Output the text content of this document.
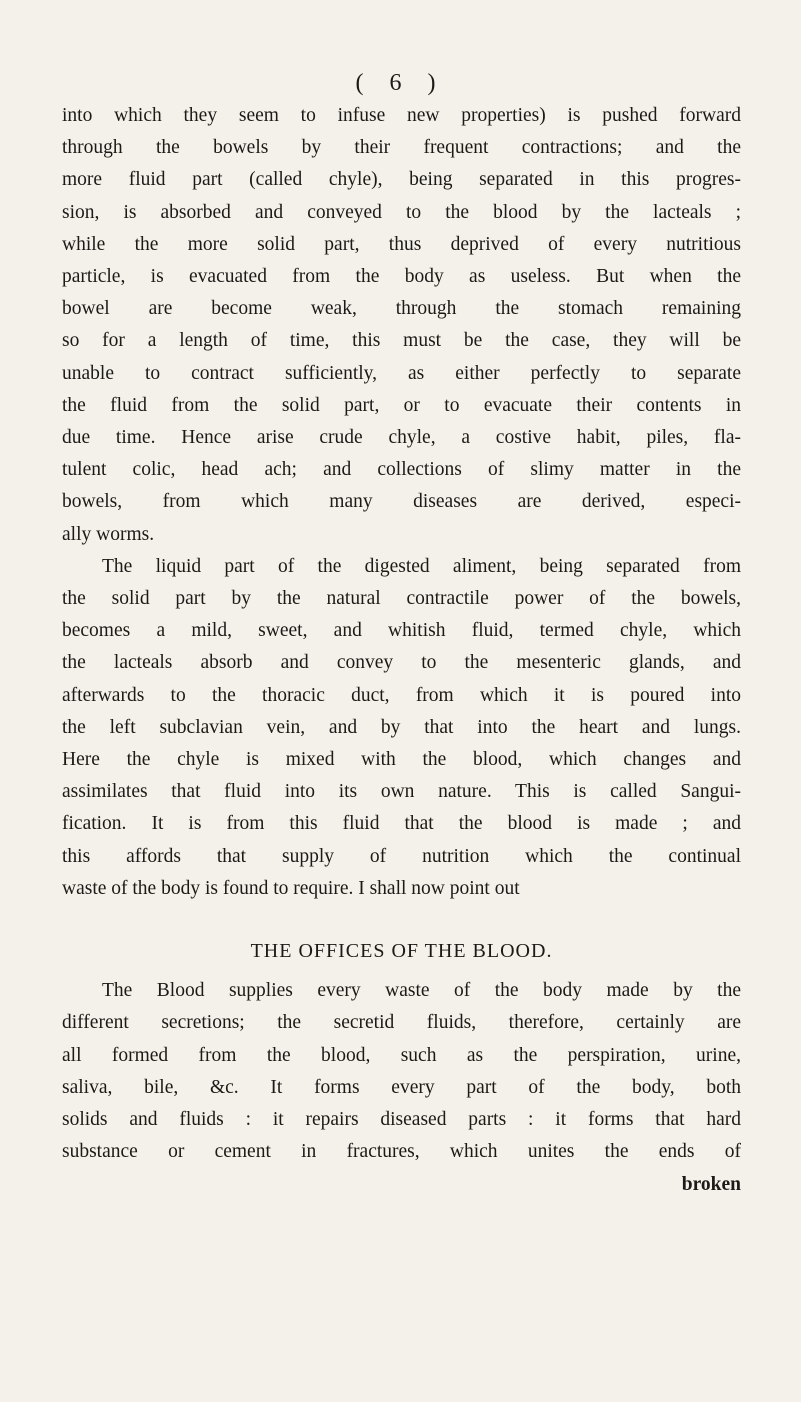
( 6 )

into which they seem to infuse new properties) is pushed forward
through the bowels by their frequent contractions; and the
more fluid part (called chyle), being separated in this progres-
sion, is absorbed and conveyed to the blood by the lacteals ;
while the more solid part, thus deprived of every nutritious
particle, is evacuated from the body as useless. But when the
bowel are become weak, through the stomach remaining
so for a length of time, this must be the case, they will be
unable to contract sufficiently, as either perfectly to separate
the fluid from the solid part, or to evacuate their contents in
due time. Hence arise crude chyle, a costive habit, piles, fla-
tulent colic, head ach; and collections of slimy matter in the
bowels, from which many diseases are derived, especi-
ally worms.

The liquid part of the digested aliment, being separated from
the solid part by the natural contractile power of the bowels,
becomes a mild, sweet, and whitish fluid, termed chyle, which
the lacteals absorb and convey to the mesenteric glands, and
afterwards to the thoracic duct, from which it is poured into
the left subclavian vein, and by that into the heart and lungs.
Here the chyle is mixed with the blood, which changes and
assimilates that fluid into its own nature. This is called Sangui-
fication. It is from this fluid that the blood is made ; and
this affords that supply of nutrition which the continual
waste of the body is found to require. I shall now point out

THE OFFICES OF THE BLOOD.

The Blood supplies every waste of the body made by the
different secretions; the secretid fluids, therefore, certainly are
all formed from the blood, such as the perspiration, urine,
saliva, bile, &c. It forms every part of the body, both
solids and fluids : it repairs diseased parts : it forms that hard
substance or cement in fractures, which unites the ends of

broken
